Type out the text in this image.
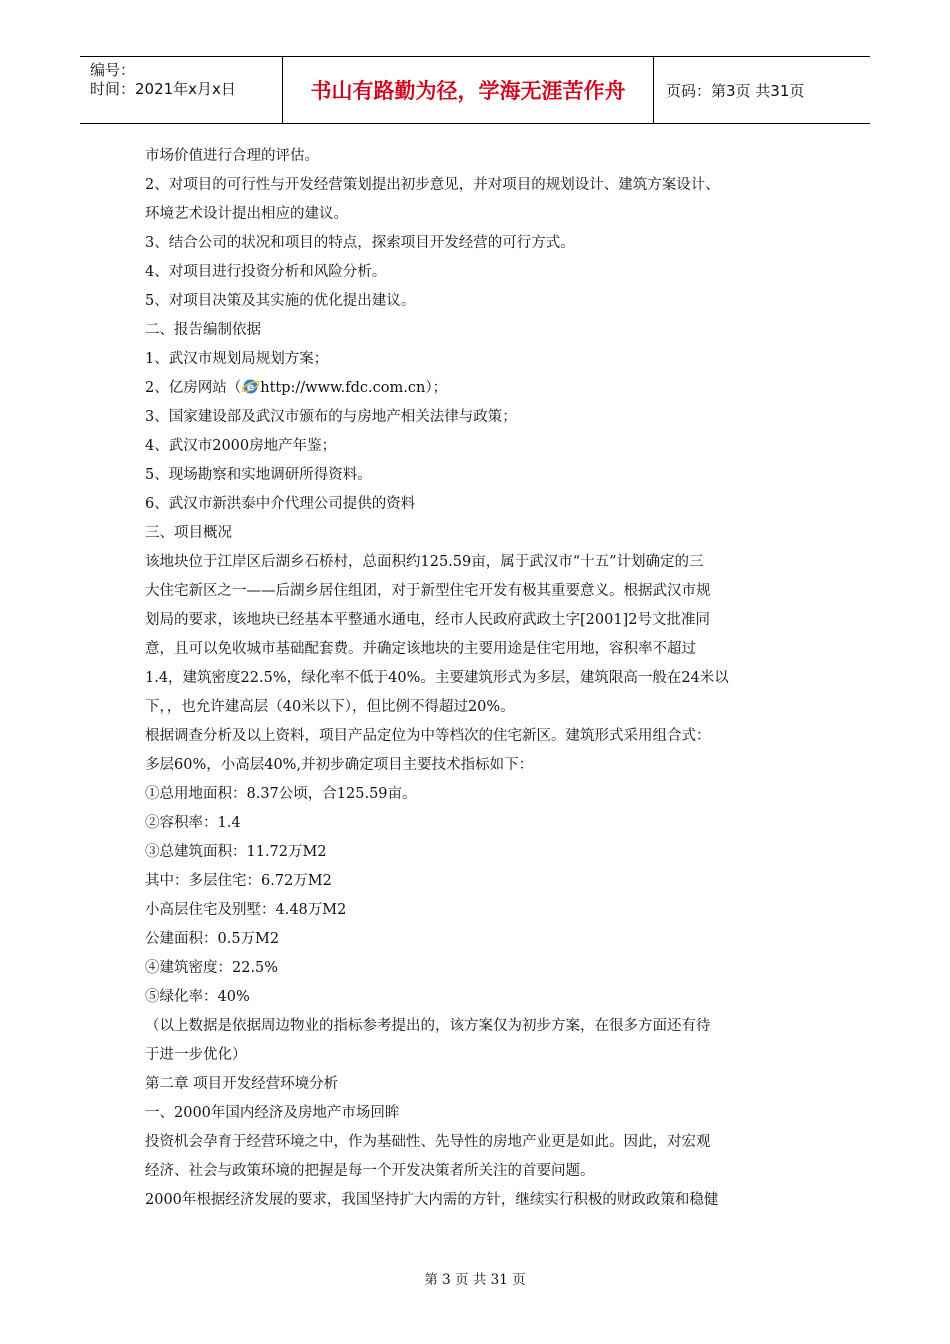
编号：
时间：2021年x月x日	书山有路勤为径，学海无涯苦作舟	页码：第3页 共31页
市场价值进行合理的评估。
2、对项目的可行性与开发经营策划提出初步意见，并对项目的规划设计、建筑方案设计、
环境艺术设计提出相应的建议。
3、结合公司的状况和项目的特点，探索项目开发经营的可行方式。
4、对项目进行投资分析和风险分析。
5、对项目决策及其实施的优化提出建议。
二、报告编制依据
1、武汉市规划局规划方案；
2、亿房网站（ e http://www.fdc.com.cn）；
3、国家建设部及武汉市颁布的与房地产相关法律与政策；
4、武汉市2000房地产年鉴；
5、现场勘察和实地调研所得资料。
6、武汉市新洪泰中介代理公司提供的资料
三、项目概况
该地块位于江岸区后湖乡石桥村，总面积约125.59亩，属于武汉市“十五”计划确定的三
大住宅新区之一——后湖乡居住组团，对于新型住宅开发有极其重要意义。根据武汉市规
划局的要求，该地块已经基本平整通水通电，经市人民政府武政土字[2001]2号文批准同
意，且可以免收城市基础配套费。并确定该地块的主要用途是住宅用地，容积率不超过
1.4，建筑密度22.5%，绿化率不低于40%。主要建筑形式为多层，建筑限高一般在24米以
下，，也允许建高层（40米以下），但比例不得超过20%。
根据调查分析及以上资料，项目产品定位为中等档次的住宅新区。建筑形式采用组合式：
多层60%，小高层40%,并初步确定项目主要技术指标如下：
①总用地面积：8.37公顷，合125.59亩。
②容积率：1.4
③总建筑面积：11.72万M2
其中：多层住宅：6.72万M2
小高层住宅及别墅：4.48万M2
公建面积：0.5万M2
④建筑密度：22.5%
⑤绿化率：40%
（以上数据是依据周边物业的指标参考提出的，该方案仅为初步方案，在很多方面还有待
于进一步优化）
第二章 项目开发经营环境分析
一、2000年国内经济及房地产市场回眸
投资机会孕育于经营环境之中，作为基础性、先导性的房地产业更是如此。因此，对宏观
经济、社会与政策环境的把握是每一个开发决策者所关注的首要问题。
2000年根据经济发展的要求，我国坚持扩大内需的方针，继续实行积极的财政政策和稳健
第 3 页 共 31 页
